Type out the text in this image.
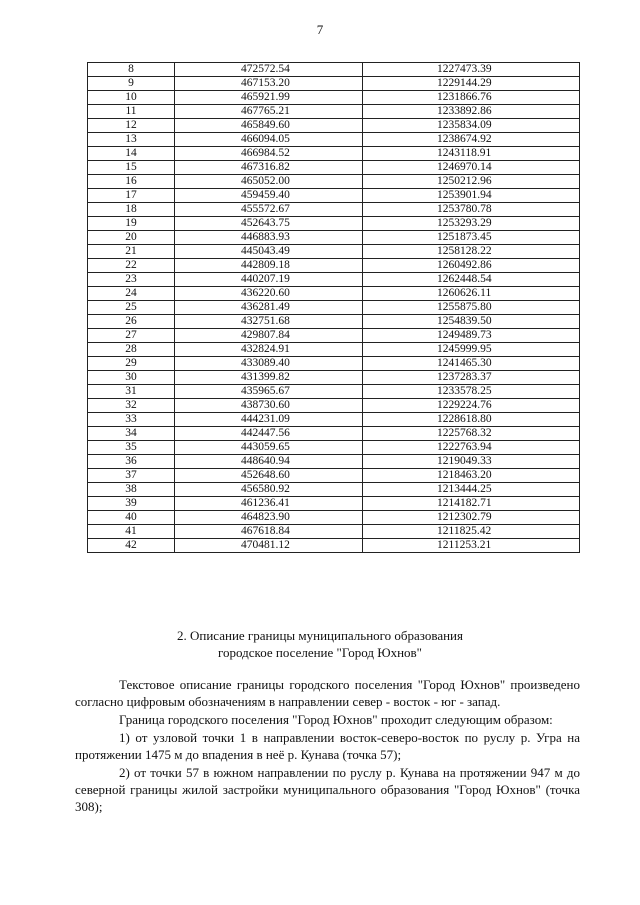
7
8	472572.54	1227473.39
9	467153.20	1229144.29
10	465921.99	1231866.76
11	467765.21	1233892.86
12	465849.60	1235834.09
13	466094.05	1238674.92
14	466984.52	1243118.91
15	467316.82	1246970.14
16	465052.00	1250212.96
17	459459.40	1253901.94
18	455572.67	1253780.78
19	452643.75	1253293.29
20	446883.93	1251873.45
21	445043.49	1258128.22
22	442809.18	1260492.86
23	440207.19	1262448.54
24	436220.60	1260626.11
25	436281.49	1255875.80
26	432751.68	1254839.50
27	429807.84	1249489.73
28	432824.91	1245999.95
29	433089.40	1241465.30
30	431399.82	1237283.37
31	435965.67	1233578.25
32	438730.60	1229224.76
33	444231.09	1228618.80
34	442447.56	1225768.32
35	443059.65	1222763.94
36	448640.94	1219049.33
37	452648.60	1218463.20
38	456580.92	1213444.25
39	461236.41	1214182.71
40	464823.90	1212302.79
41	467618.84	1211825.42
42	470481.12	1211253.21
2. Описание границы муниципального образования
городское поселение "Город Юхнов"

Текстовое описание границы городского поселения "Город Юхнов" произведено согласно цифровым обозначениям в направлении север - восток - юг - запад.

Граница городского поселения "Город Юхнов" проходит следующим образом:

1) от узловой точки 1 в направлении восток-северо-восток по руслу р. Угра на протяжении 1475 м до впадения в неё р. Кунава (точка 57);

2) от точки 57 в южном направлении по руслу р. Кунава на протяжении 947 м до северной границы жилой застройки муниципального образования "Город Юхнов" (точка 308);
